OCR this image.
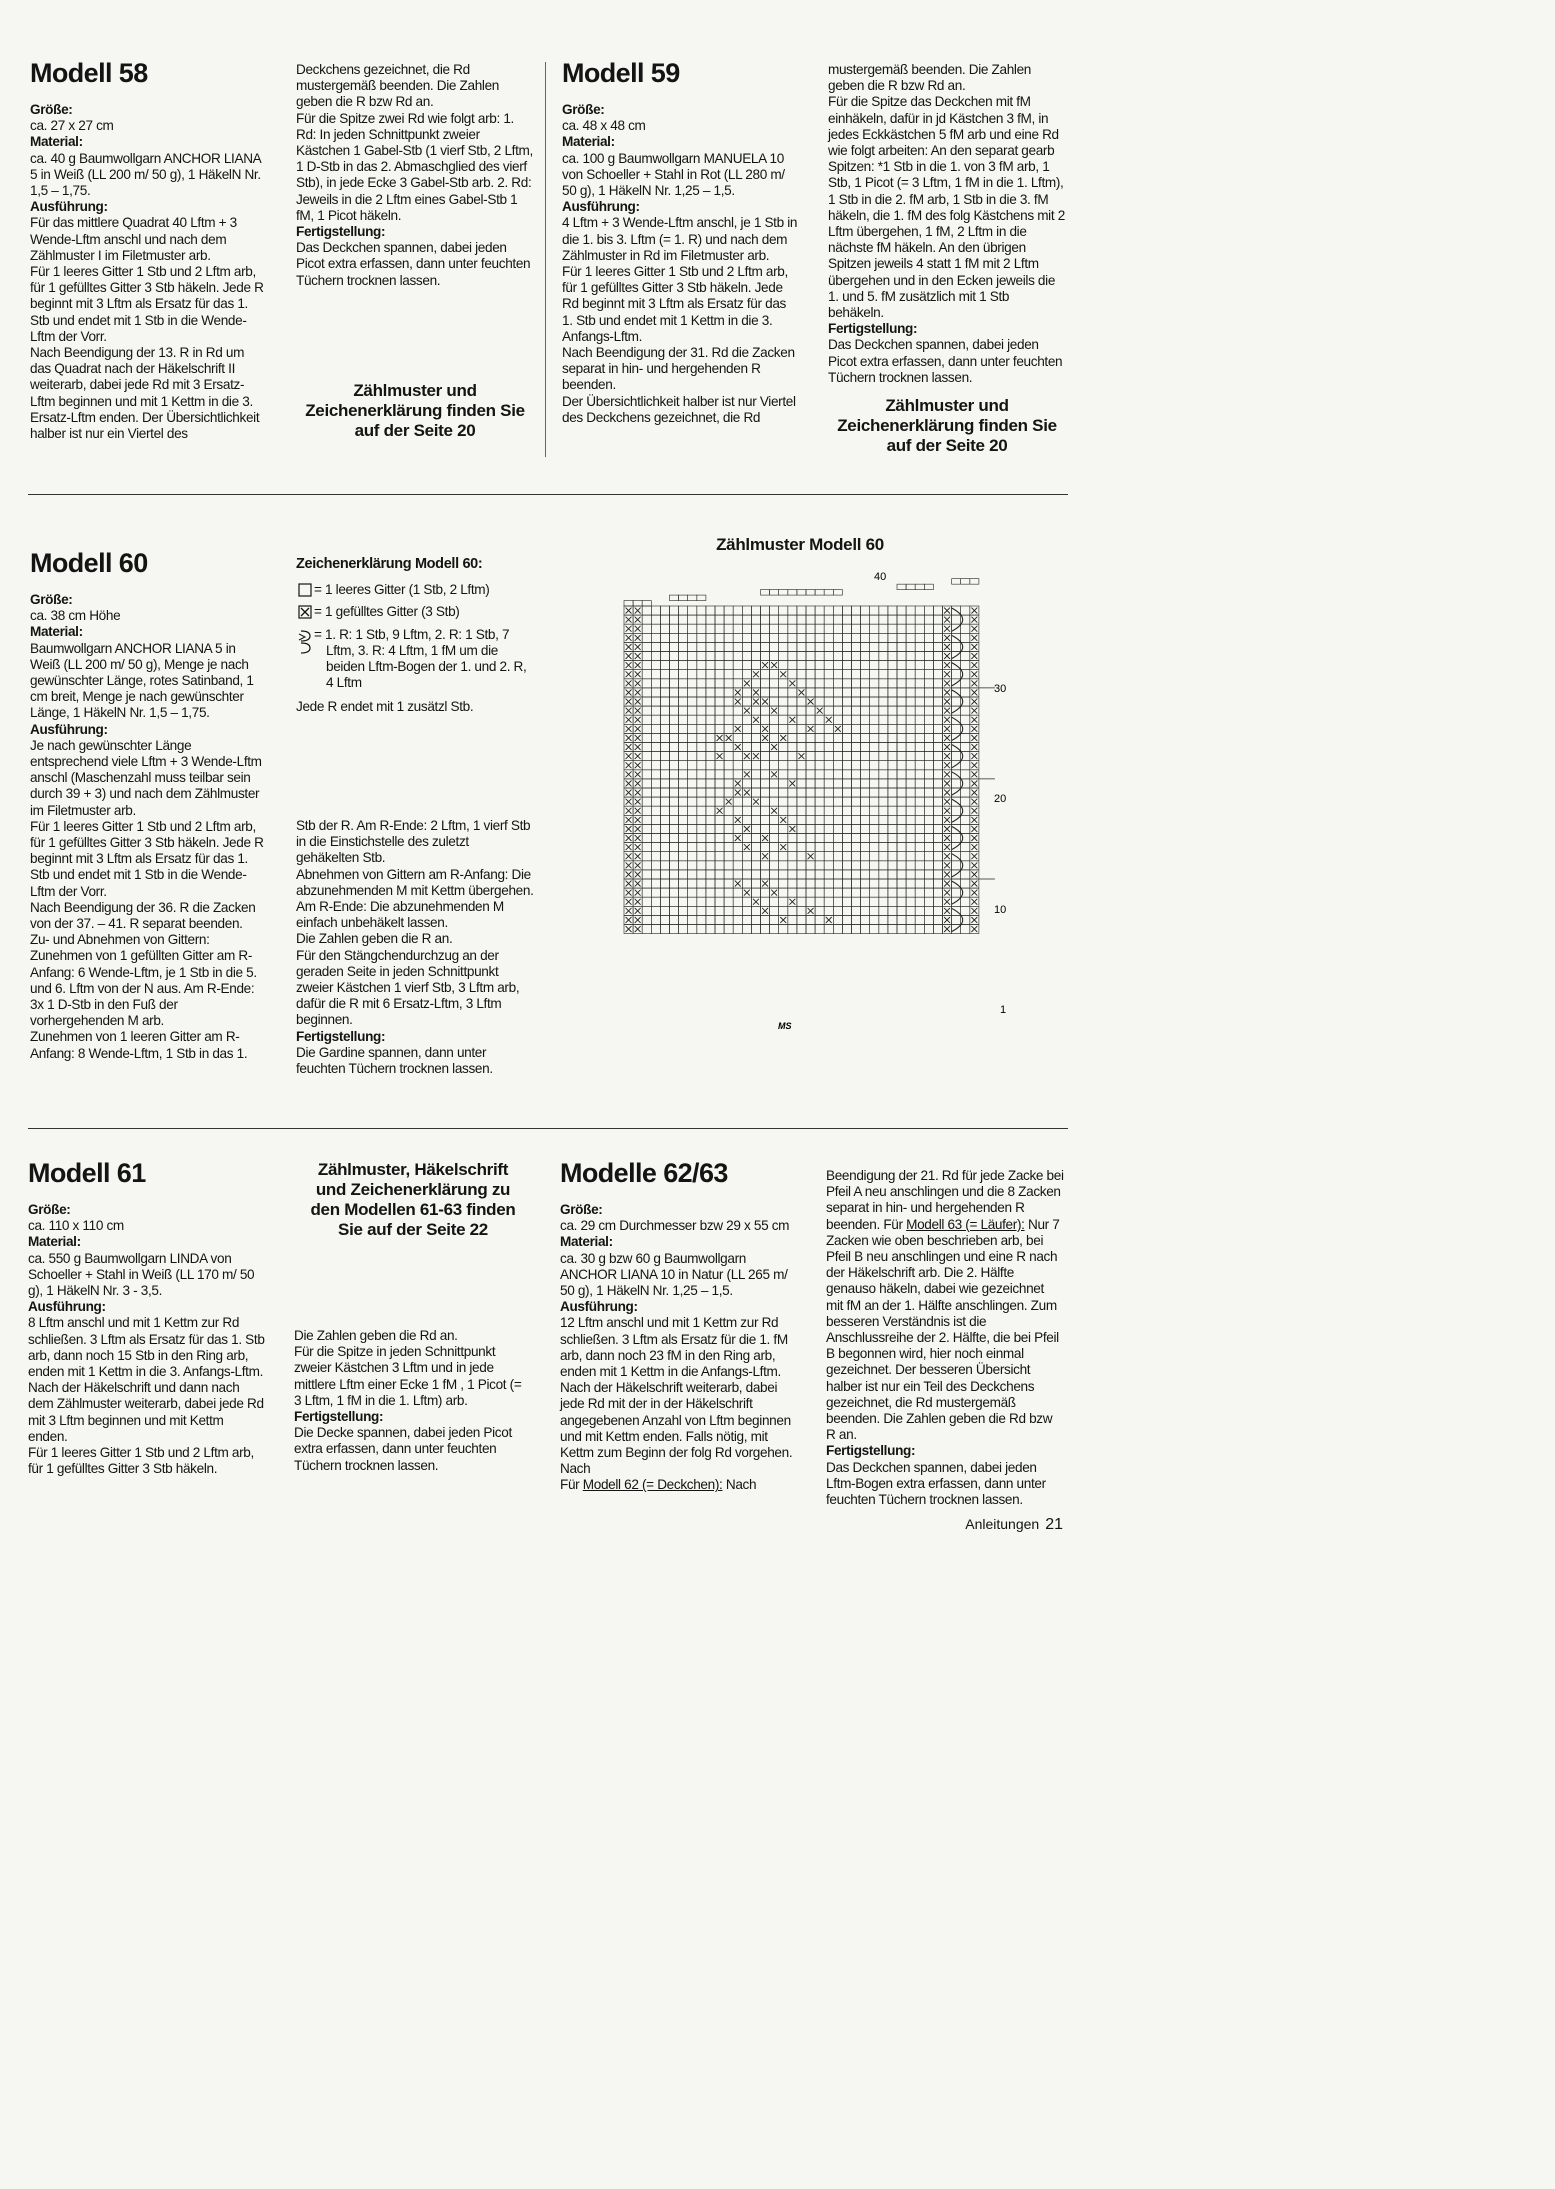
Modell 58

Größe:

ca. 27 x 27 cm

Material:

ca. 40 g Baumwollgarn ANCHOR LIANA 5 in Weiß (LL 200 m/ 50 g), 1 HäkelN Nr. 1,5 – 1,75.

Ausführung:

Für das mittlere Quadrat 40 Lftm + 3 Wende-Lftm anschl und nach dem Zählmuster I im Filetmuster arb.

Für 1 leeres Gitter 1 Stb und 2 Lftm arb, für 1 gefülltes Gitter 3 Stb häkeln. Jede R beginnt mit 3 Lftm als Ersatz für das 1. Stb und endet mit 1 Stb in die Wende-Lftm der Vorr.

Nach Beendigung der 13. R in Rd um das Quadrat nach der Häkelschrift II weiterarb, dabei jede Rd mit 3 Ersatz-Lftm beginnen und mit 1 Kettm in die 3. Ersatz-Lftm enden. Der Übersichtlichkeit halber ist nur ein Viertel des

Deckchens gezeichnet, die Rd mustergemäß beenden. Die Zahlen geben die R bzw Rd an.

Für die Spitze zwei Rd wie folgt arb: 1. Rd: In jeden Schnittpunkt zweier Kästchen 1 Gabel-Stb (1 vierf Stb, 2 Lftm, 1 D-Stb in das 2. Abmaschglied des vierf Stb), in jede Ecke 3 Gabel-Stb arb. 2. Rd: Jeweils in die 2 Lftm eines Gabel-Stb 1 fM, 1 Picot häkeln.

Fertigstellung:

Das Deckchen spannen, dabei jeden Picot extra erfassen, dann unter feuchten Tüchern trocknen lassen.

Zählmuster und
Zeichenerklärung finden Sie
auf der Seite 20
Modell 59

Größe:

ca. 48 x 48 cm

Material:

ca. 100 g Baumwollgarn MANUELA 10 von Schoeller + Stahl in Rot (LL 280 m/ 50 g), 1 HäkelN Nr. 1,25 – 1,5.

Ausführung:

4 Lftm + 3 Wende-Lftm anschl, je 1 Stb in die 1. bis 3. Lftm (= 1. R) und nach dem Zählmuster in Rd im Filetmuster arb.

Für 1 leeres Gitter 1 Stb und 2 Lftm arb, für 1 gefülltes Gitter 3 Stb häkeln. Jede Rd beginnt mit 3 Lftm als Ersatz für das 1. Stb und endet mit 1 Kettm in die 3. Anfangs-Lftm.

Nach Beendigung der 31. Rd die Zacken separat in hin- und hergehenden R beenden.

Der Übersichtlichkeit halber ist nur Viertel des Deckchens gezeichnet, die Rd

mustergemäß beenden. Die Zahlen geben die R bzw Rd an.

Für die Spitze das Deckchen mit fM einhäkeln, dafür in jd Kästchen 3 fM, in jedes Eckkästchen 5 fM arb und eine Rd wie folgt arbeiten: An den separat gearb Spitzen: *1 Stb in die 1. von 3 fM arb, 1 Stb, 1 Picot (= 3 Lftm, 1 fM in die 1. Lftm), 1 Stb in die 2. fM arb, 1 Stb in die 3. fM häkeln, die 1. fM des folg Kästchens mit 2 Lftm übergehen, 1 fM, 2 Lftm in die nächste fM häkeln. An den übrigen Spitzen jeweils 4 statt 1 fM mit 2 Lftm übergehen und in den Ecken jeweils die 1. und 5. fM zusätzlich mit 1 Stb behäkeln.

Fertigstellung:

Das Deckchen spannen, dabei jeden Picot extra erfassen, dann unter feuchten Tüchern trocknen lassen.

Zählmuster und
Zeichenerklärung finden Sie
auf der Seite 20
Modell 60

Größe:

ca. 38 cm Höhe

Material:

Baumwollgarn ANCHOR LIANA 5 in Weiß (LL 200 m/ 50 g), Menge je nach gewünschter Länge, rotes Satinband, 1 cm breit, Menge je nach gewünschter Länge, 1 HäkelN Nr. 1,5 – 1,75.

Ausführung:

Je nach gewünschter Länge entsprechend viele Lftm + 3 Wende-Lftm anschl (Maschenzahl muss teilbar sein durch 39 + 3) und nach dem Zählmuster im Filetmuster arb.

Für 1 leeres Gitter 1 Stb und 2 Lftm arb, für 1 gefülltes Gitter 3 Stb häkeln. Jede R beginnt mit 3 Lftm als Ersatz für das 1. Stb und endet mit 1 Stb in die Wende-Lftm der Vorr.

Nach Beendigung der 36. R die Zacken von der 37. – 41. R separat beenden.

Zu- und Abnehmen von Gittern:

Zunehmen von 1 gefüllten Gitter am R-Anfang: 6 Wende-Lftm, je 1 Stb in die 5. und 6. Lftm von der N aus. Am R-Ende: 3x 1 D-Stb in den Fuß der vorhergehenden M arb.

Zunehmen von 1 leeren Gitter am R-Anfang: 8 Wende-Lftm, 1 Stb in das 1.

Zeichenerklärung Modell 60:

= 1 leeres Gitter (1 Stb, 2 Lftm)
= 1 gefülltes Gitter (3 Stb)
= 1. R: 1 Stb, 9 Lftm, 2. R: 1 Stb, 7 Lftm, 3. R: 4 Lftm, 1 fM um die beiden Lftm-Bogen der 1. und 2. R, 4 Lftm

Jede R endet mit 1 zusätzl Stb.

Stb der R. Am R-Ende: 2 Lftm, 1 vierf Stb in die Einstichstelle des zuletzt gehäkelten Stb.

Abnehmen von Gittern am R-Anfang: Die abzunehmenden M mit Kettm übergehen. Am R-Ende: Die abzunehmenden M einfach unbehäkelt lassen.

Die Zahlen geben die R an.

Für den Stängchendurchzug an der geraden Seite in jeden Schnittpunkt zweier Kästchen 1 vierf Stb, 3 Lftm arb, dafür die R mit 6 Ersatz-Lftm, 3 Lftm beginnen.

Fertigstellung:

Die Gardine spannen, dann unter feuchten Tüchern trocknen lassen.

Zählmuster Modell 60
40
30
20
10
1
MS
Modell 61

Größe:

ca. 110 x 110 cm

Material:

ca. 550 g Baumwollgarn LINDA von Schoeller + Stahl in Weiß (LL 170 m/ 50 g), 1 HäkelN Nr. 3 - 3,5.

Ausführung:

8 Lftm anschl und mit 1 Kettm zur Rd schließen. 3 Lftm als Ersatz für das 1. Stb arb, dann noch 15 Stb in den Ring arb, enden mit 1 Kettm in die 3. Anfangs-Lftm. Nach der Häkelschrift und dann nach dem Zählmuster weiterarb, dabei jede Rd mit 3 Lftm beginnen und mit Kettm enden.

Für 1 leeres Gitter 1 Stb und 2 Lftm arb, für 1 gefülltes Gitter 3 Stb häkeln.

Zählmuster, Häkelschrift
und Zeichenerklärung zu
den Modellen 61-63 finden
Sie auf der Seite 22

Die Zahlen geben die Rd an.

Für die Spitze in jeden Schnittpunkt zweier Kästchen 3 Lftm und in jede mittlere Lftm einer Ecke 1 fM , 1 Picot (= 3 Lftm, 1 fM in die 1. Lftm) arb.

Fertigstellung:

Die Decke spannen, dabei jeden Picot extra erfassen, dann unter feuchten Tüchern trocknen lassen.

Modelle 62/63

Größe:

ca. 29 cm Durchmesser bzw 29 x 55 cm

Material:

ca. 30 g bzw 60 g Baumwollgarn ANCHOR LIANA 10 in Natur (LL 265 m/ 50 g), 1 HäkelN Nr. 1,25 – 1,5.

Ausführung:

12 Lftm anschl und mit 1 Kettm zur Rd schließen. 3 Lftm als Ersatz für die 1. fM arb, dann noch 23 fM in den Ring arb, enden mit 1 Kettm in die Anfangs-Lftm. Nach der Häkelschrift weiterarb, dabei jede Rd mit der in der Häkelschrift angegebenen Anzahl von Lftm beginnen und mit Kettm enden. Falls nötig, mit Kettm zum Beginn der folg Rd vorgehen. Nach

Für Modell 62 (= Deckchen): Nach

Beendigung der 21. Rd für jede Zacke bei Pfeil A neu anschlingen und die 8 Zacken separat in hin- und hergehenden R beenden. Für Modell 63 (= Läufer): Nur 7 Zacken wie oben beschrieben arb, bei Pfeil B neu anschlingen und eine R nach der Häkelschrift arb. Die 2. Hälfte genauso häkeln, dabei wie gezeichnet mit fM an der 1. Hälfte anschlingen. Zum besseren Verständnis ist die Anschlussreihe der 2. Hälfte, die bei Pfeil B begonnen wird, hier noch einmal gezeichnet. Der besseren Übersicht halber ist nur ein Teil des Deckchens gezeichnet, die Rd mustergemäß beenden. Die Zahlen geben die Rd bzw R an.

Fertigstellung:

Das Deckchen spannen, dabei jeden Lftm-Bogen extra erfassen, dann unter feuchten Tüchern trocknen lassen.

Anleitungen 21
